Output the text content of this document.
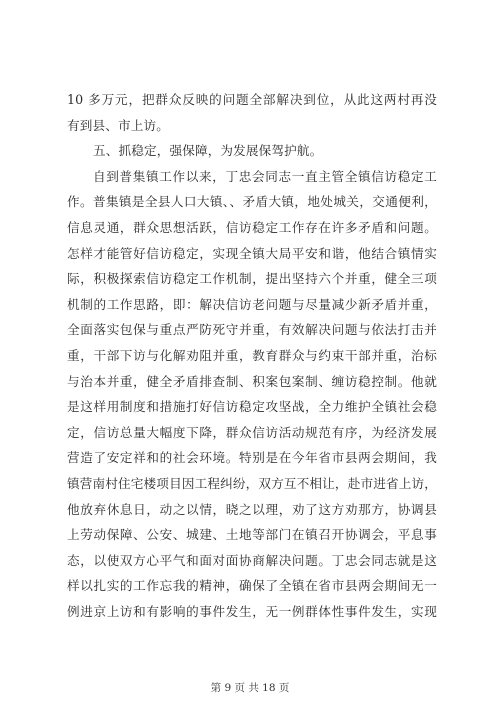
10 多万元，把群众反映的问题全部解决到位，从此这两村再没
有到县、市上访。
五、抓稳定，强保障，为发展保驾护航。
自到普集镇工作以来，丁忠会同志一直主管全镇信访稳定工
作。普集镇是全县人口大镇、、矛盾大镇，地处城关，交通便利，
信息灵通，群众思想活跃，信访稳定工作存在许多矛盾和问题。
怎样才能管好信访稳定，实现全镇大局平安和谐，他结合镇情实
际，积极探索信访稳定工作机制，提出坚持六个并重，健全三项
机制的工作思路，即：解决信访老问题与尽量减少新矛盾并重，
全面落实包保与重点严防死守并重，有效解决问题与依法打击并
重，干部下访与化解劝阻并重，教育群众与约束干部并重，治标
与治本并重，健全矛盾排查制、积案包案制、缠访稳控制。他就
是这样用制度和措施打好信访稳定攻坚战，全力维护全镇社会稳
定，信访总量大幅度下降，群众信访活动规范有序，为经济发展
营造了安定祥和的社会环境。特别是在今年省市县两会期间，我
镇营南村住宅楼项目因工程纠纷，双方互不相让，赴市进省上访，
他放弃休息日，动之以情，晓之以理，劝了这方劝那方，协调县
上劳动保障、公安、城建、土地等部门在镇召开协调会，平息事
态，以使双方心平气和面对面协商解决问题。丁忠会同志就是这
样以扎实的工作忘我的精神，确保了全镇在省市县两会期间无一
例进京上访和有影响的事件发生，无一例群体性事件发生，实现
第 9 页 共 18 页
